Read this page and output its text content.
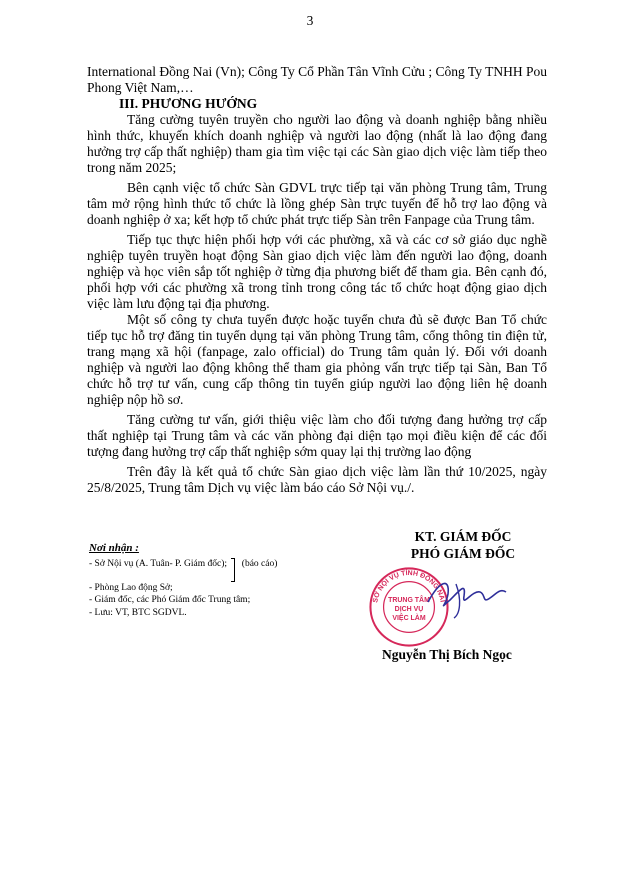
3

International Đồng Nai (Vn); Công Ty Cổ Phần Tân Vĩnh Cửu ; Công Ty TNHH Pou Phong Việt Nam,…

III. PHƯƠNG HƯỚNG

Tăng cường tuyên truyền cho người lao động và doanh nghiệp bằng nhiều hình thức, khuyến khích doanh nghiệp và người lao động (nhất là lao động đang hưởng trợ cấp thất nghiệp) tham gia tìm việc tại các Sàn giao dịch việc làm tiếp theo trong năm 2025;

Bên cạnh việc tổ chức Sàn GDVL trực tiếp tại văn phòng Trung tâm, Trung tâm mở rộng hình thức tổ chức là lồng ghép Sàn trực tuyến để hỗ trợ lao động và doanh nghiệp ở xa; kết hợp tổ chức phát trực tiếp Sàn trên Fanpage của Trung tâm.

Tiếp tục thực hiện phối hợp với các phường, xã và các cơ sở giáo dục nghề nghiệp tuyên truyền hoạt động Sàn giao dịch việc làm đến người lao động, doanh nghiệp và học viên sắp tốt nghiệp ở từng địa phương biết để tham gia. Bên cạnh đó, phối hợp với các phường xã trong tỉnh trong công tác tổ chức hoạt động giao dịch việc làm lưu động tại địa phương.

Một số công ty chưa tuyển được hoặc tuyển chưa đủ sẽ được Ban Tổ chức tiếp tục hỗ trợ đăng tin tuyển dụng tại văn phòng Trung tâm, cổng thông tin điện tử, trang mạng xã hội (fanpage, zalo official) do Trung tâm quản lý. Đối với doanh nghiệp và người lao động không thể tham gia phỏng vấn trực tiếp tại Sàn, Ban Tổ chức hỗ trợ tư vấn, cung cấp thông tin tuyển giúp người lao động liên hệ doanh nghiệp nộp hồ sơ.

Tăng cường tư vấn, giới thiệu việc làm cho đối tượng đang hưởng trợ cấp thất nghiệp tại Trung tâm và các văn phòng đại diện tạo mọi điều kiện để các đối tượng đang hưởng trợ cấp thất nghiệp sớm quay lại thị trường lao động

Trên đây là kết quả tổ chức Sàn giao dịch việc làm lần thứ 10/2025, ngày 25/8/2025, Trung tâm Dịch vụ việc làm báo cáo Sở Nội vụ./.

Nơi nhận :
- Sở Nội vụ (A. Tuân- P. Giám đốc); (báo cáo)
- Phòng Lao động Sở;
- Giám đốc, các Phó Giám đốc Trung tâm;
- Lưu: VT, BTC SGDVL.
KT. GIÁM ĐỐC
PHÓ GIÁM ĐỐC
SỞ NỘI VỤ TỈNH ĐỒNG NAI
TRUNG TÂM
DỊCH VỤ
VIỆC LÀM
Nguyễn Thị Bích Ngọc
